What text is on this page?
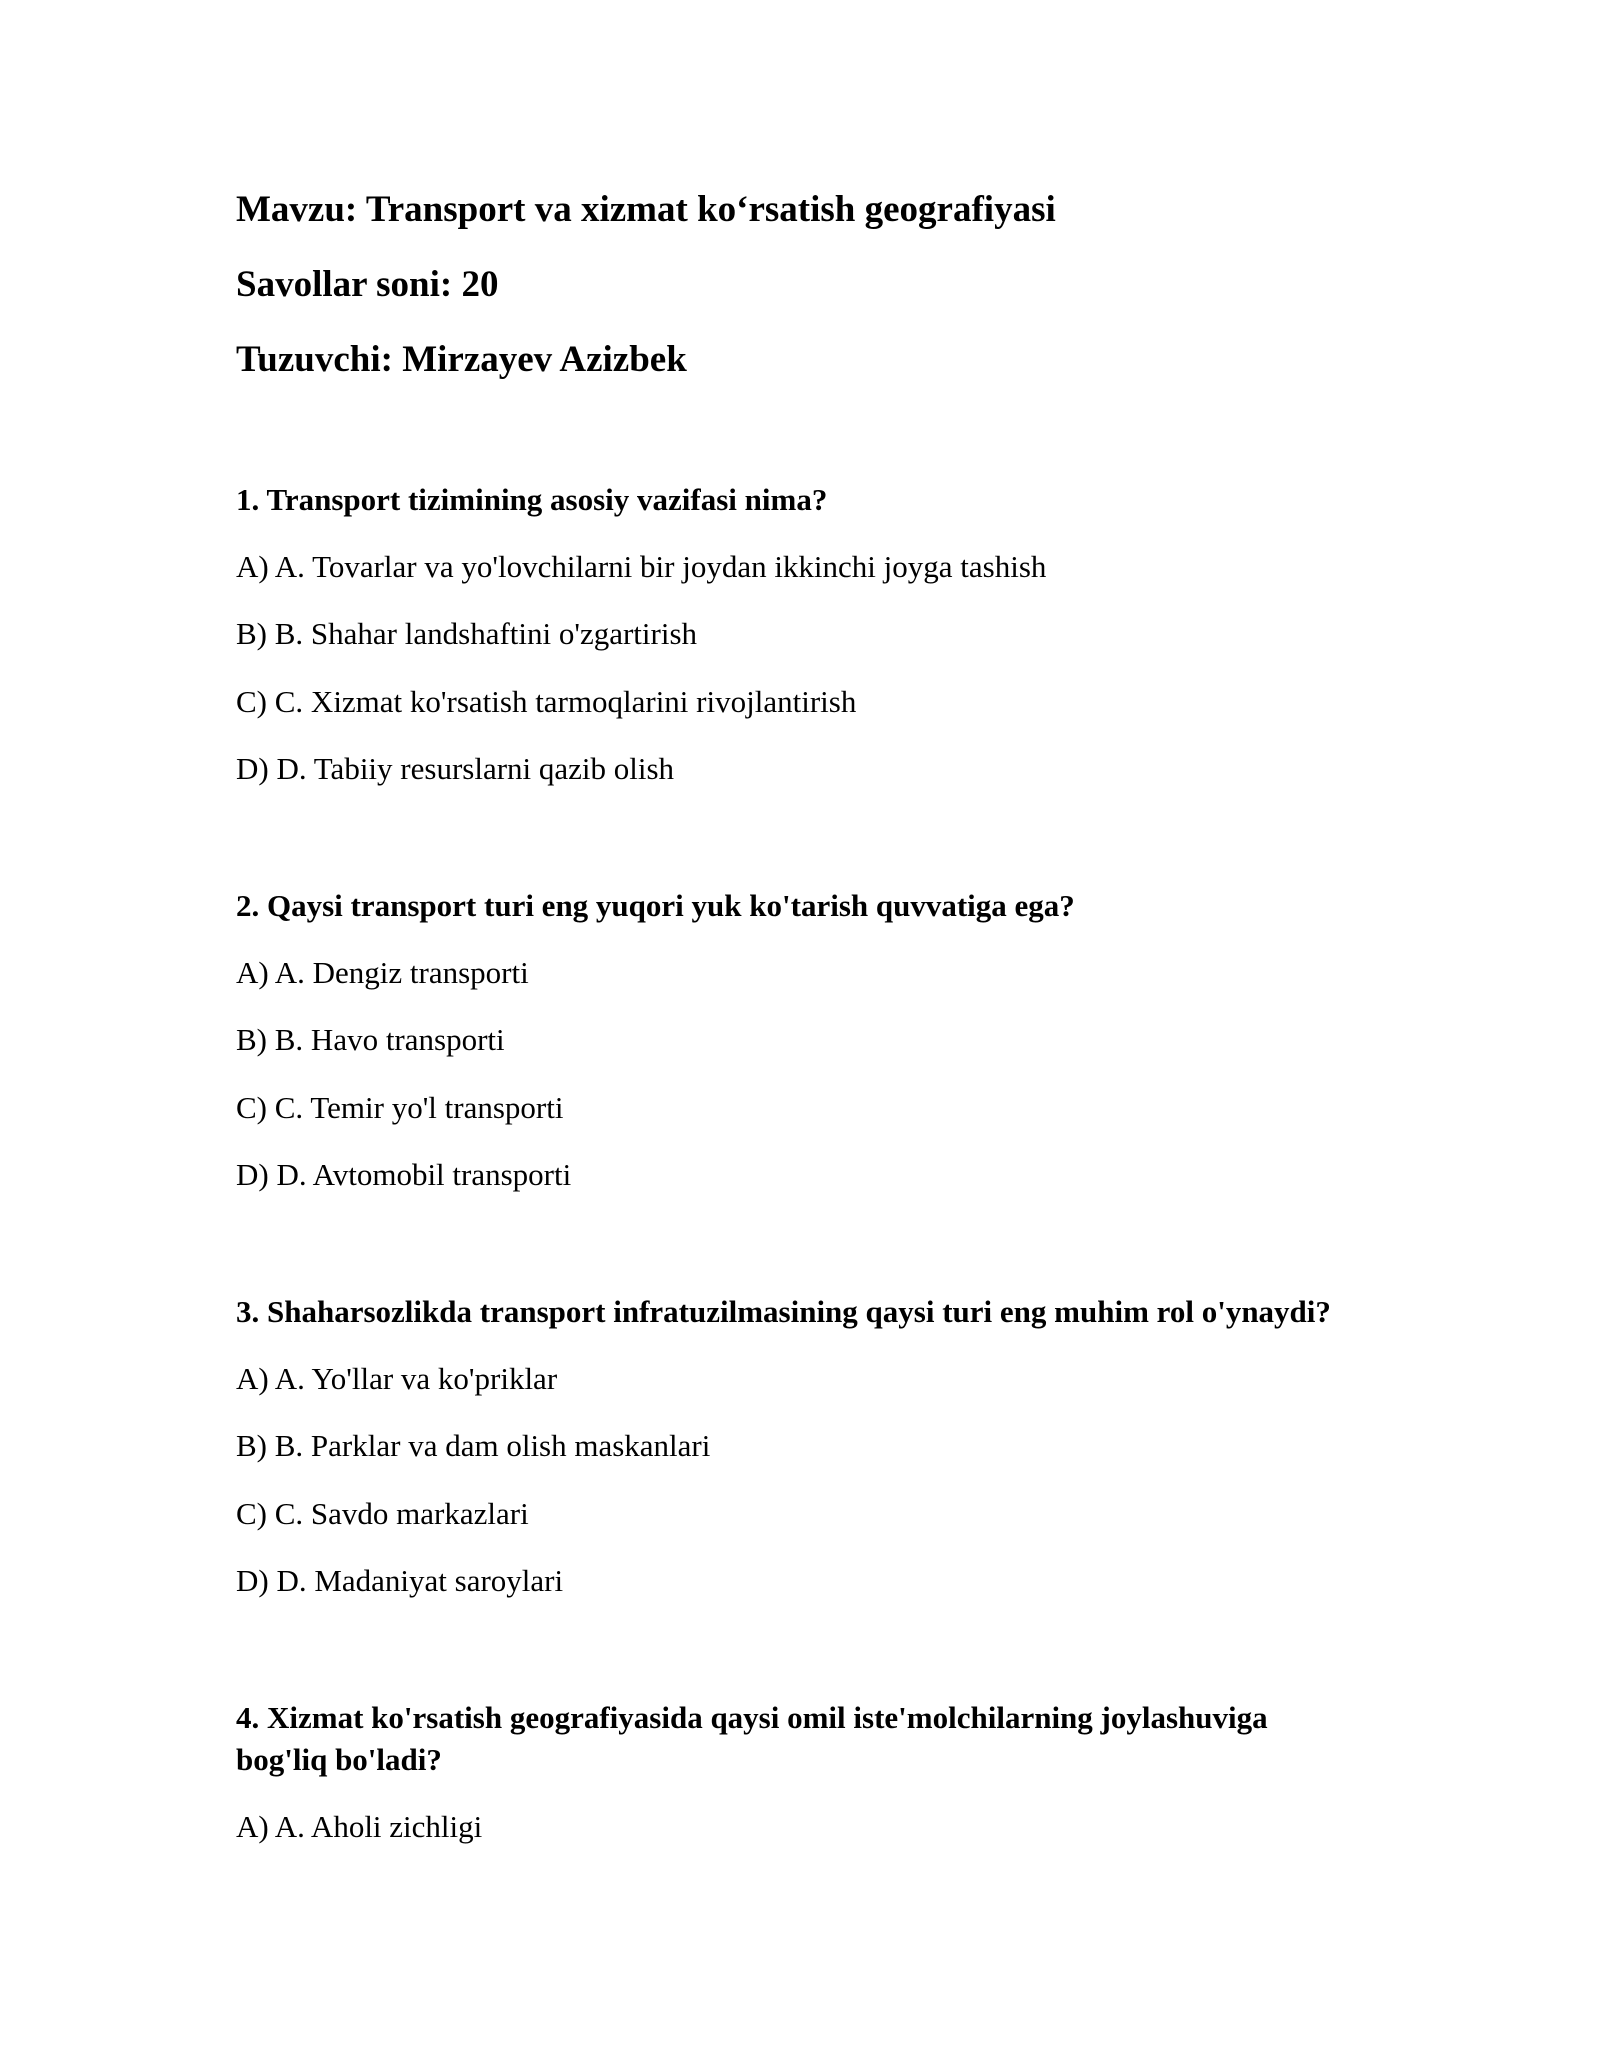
Mavzu: Transport va xizmat ko‘rsatish geografiyasi
Savollar soni: 20
Tuzuvchi: Mirzayev Azizbek
1. Transport tizimining asosiy vazifasi nima?
A) A. Tovarlar va yo'lovchilarni bir joydan ikkinchi joyga tashish
B) B. Shahar landshaftini o'zgartirish
C) C. Xizmat ko'rsatish tarmoqlarini rivojlantirish
D) D. Tabiiy resurslarni qazib olish
2. Qaysi transport turi eng yuqori yuk ko'tarish quvvatiga ega?
A) A. Dengiz transporti
B) B. Havo transporti
C) C. Temir yo'l transporti
D) D. Avtomobil transporti
3. Shaharsozlikda transport infratuzilmasining qaysi turi eng muhim rol o'ynaydi?
A) A. Yo'llar va ko'priklar
B) B. Parklar va dam olish maskanlari
C) C. Savdo markazlari
D) D. Madaniyat saroylari
4. Xizmat ko'rsatish geografiyasida qaysi omil iste'molchilarning joylashuviga bog'liq bo'ladi?
A) A. Aholi zichligi
